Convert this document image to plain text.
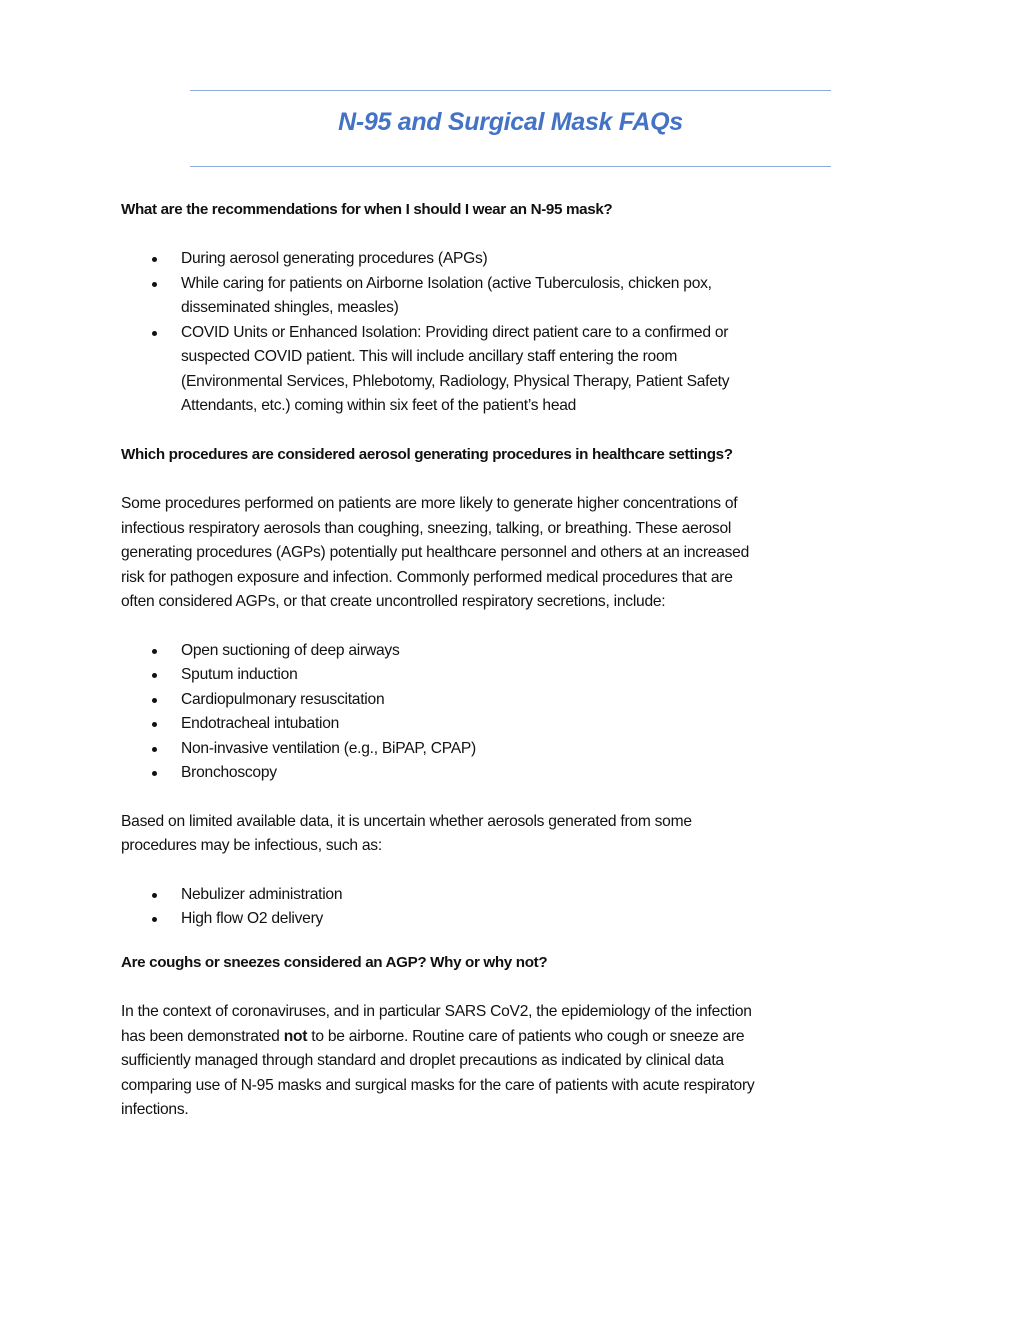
N-95 and Surgical Mask FAQs
What are the recommendations for when I should I wear an N-95 mask?
During aerosol generating procedures (APGs)
While caring for patients on Airborne Isolation (active Tuberculosis, chicken pox,
disseminated shingles, measles)
COVID Units or Enhanced Isolation: Providing direct patient care to a confirmed or
suspected COVID patient. This will include ancillary staff entering the room
(Environmental Services, Phlebotomy, Radiology, Physical Therapy, Patient Safety
Attendants, etc.) coming within six feet of the patient’s head
Which procedures are considered aerosol generating procedures in healthcare settings?
Some procedures performed on patients are more likely to generate higher concentrations of
infectious respiratory aerosols than coughing, sneezing, talking, or breathing. These aerosol
generating procedures (AGPs) potentially put healthcare personnel and others at an increased
risk for pathogen exposure and infection. Commonly performed medical procedures that are
often considered AGPs, or that create uncontrolled respiratory secretions, include:
Open suctioning of deep airways
Sputum induction
Cardiopulmonary resuscitation
Endotracheal intubation
Non-invasive ventilation (e.g., BiPAP, CPAP)
Bronchoscopy
Based on limited available data, it is uncertain whether aerosols generated from some
procedures may be infectious, such as:
Nebulizer administration
High flow O2 delivery
Are coughs or sneezes considered an AGP? Why or why not?
In the context of coronaviruses, and in particular SARS CoV2, the epidemiology of the infection
has been demonstrated not to be airborne. Routine care of patients who cough or sneeze are
sufficiently managed through standard and droplet precautions as indicated by clinical data
comparing use of N-95 masks and surgical masks for the care of patients with acute respiratory
infections.
